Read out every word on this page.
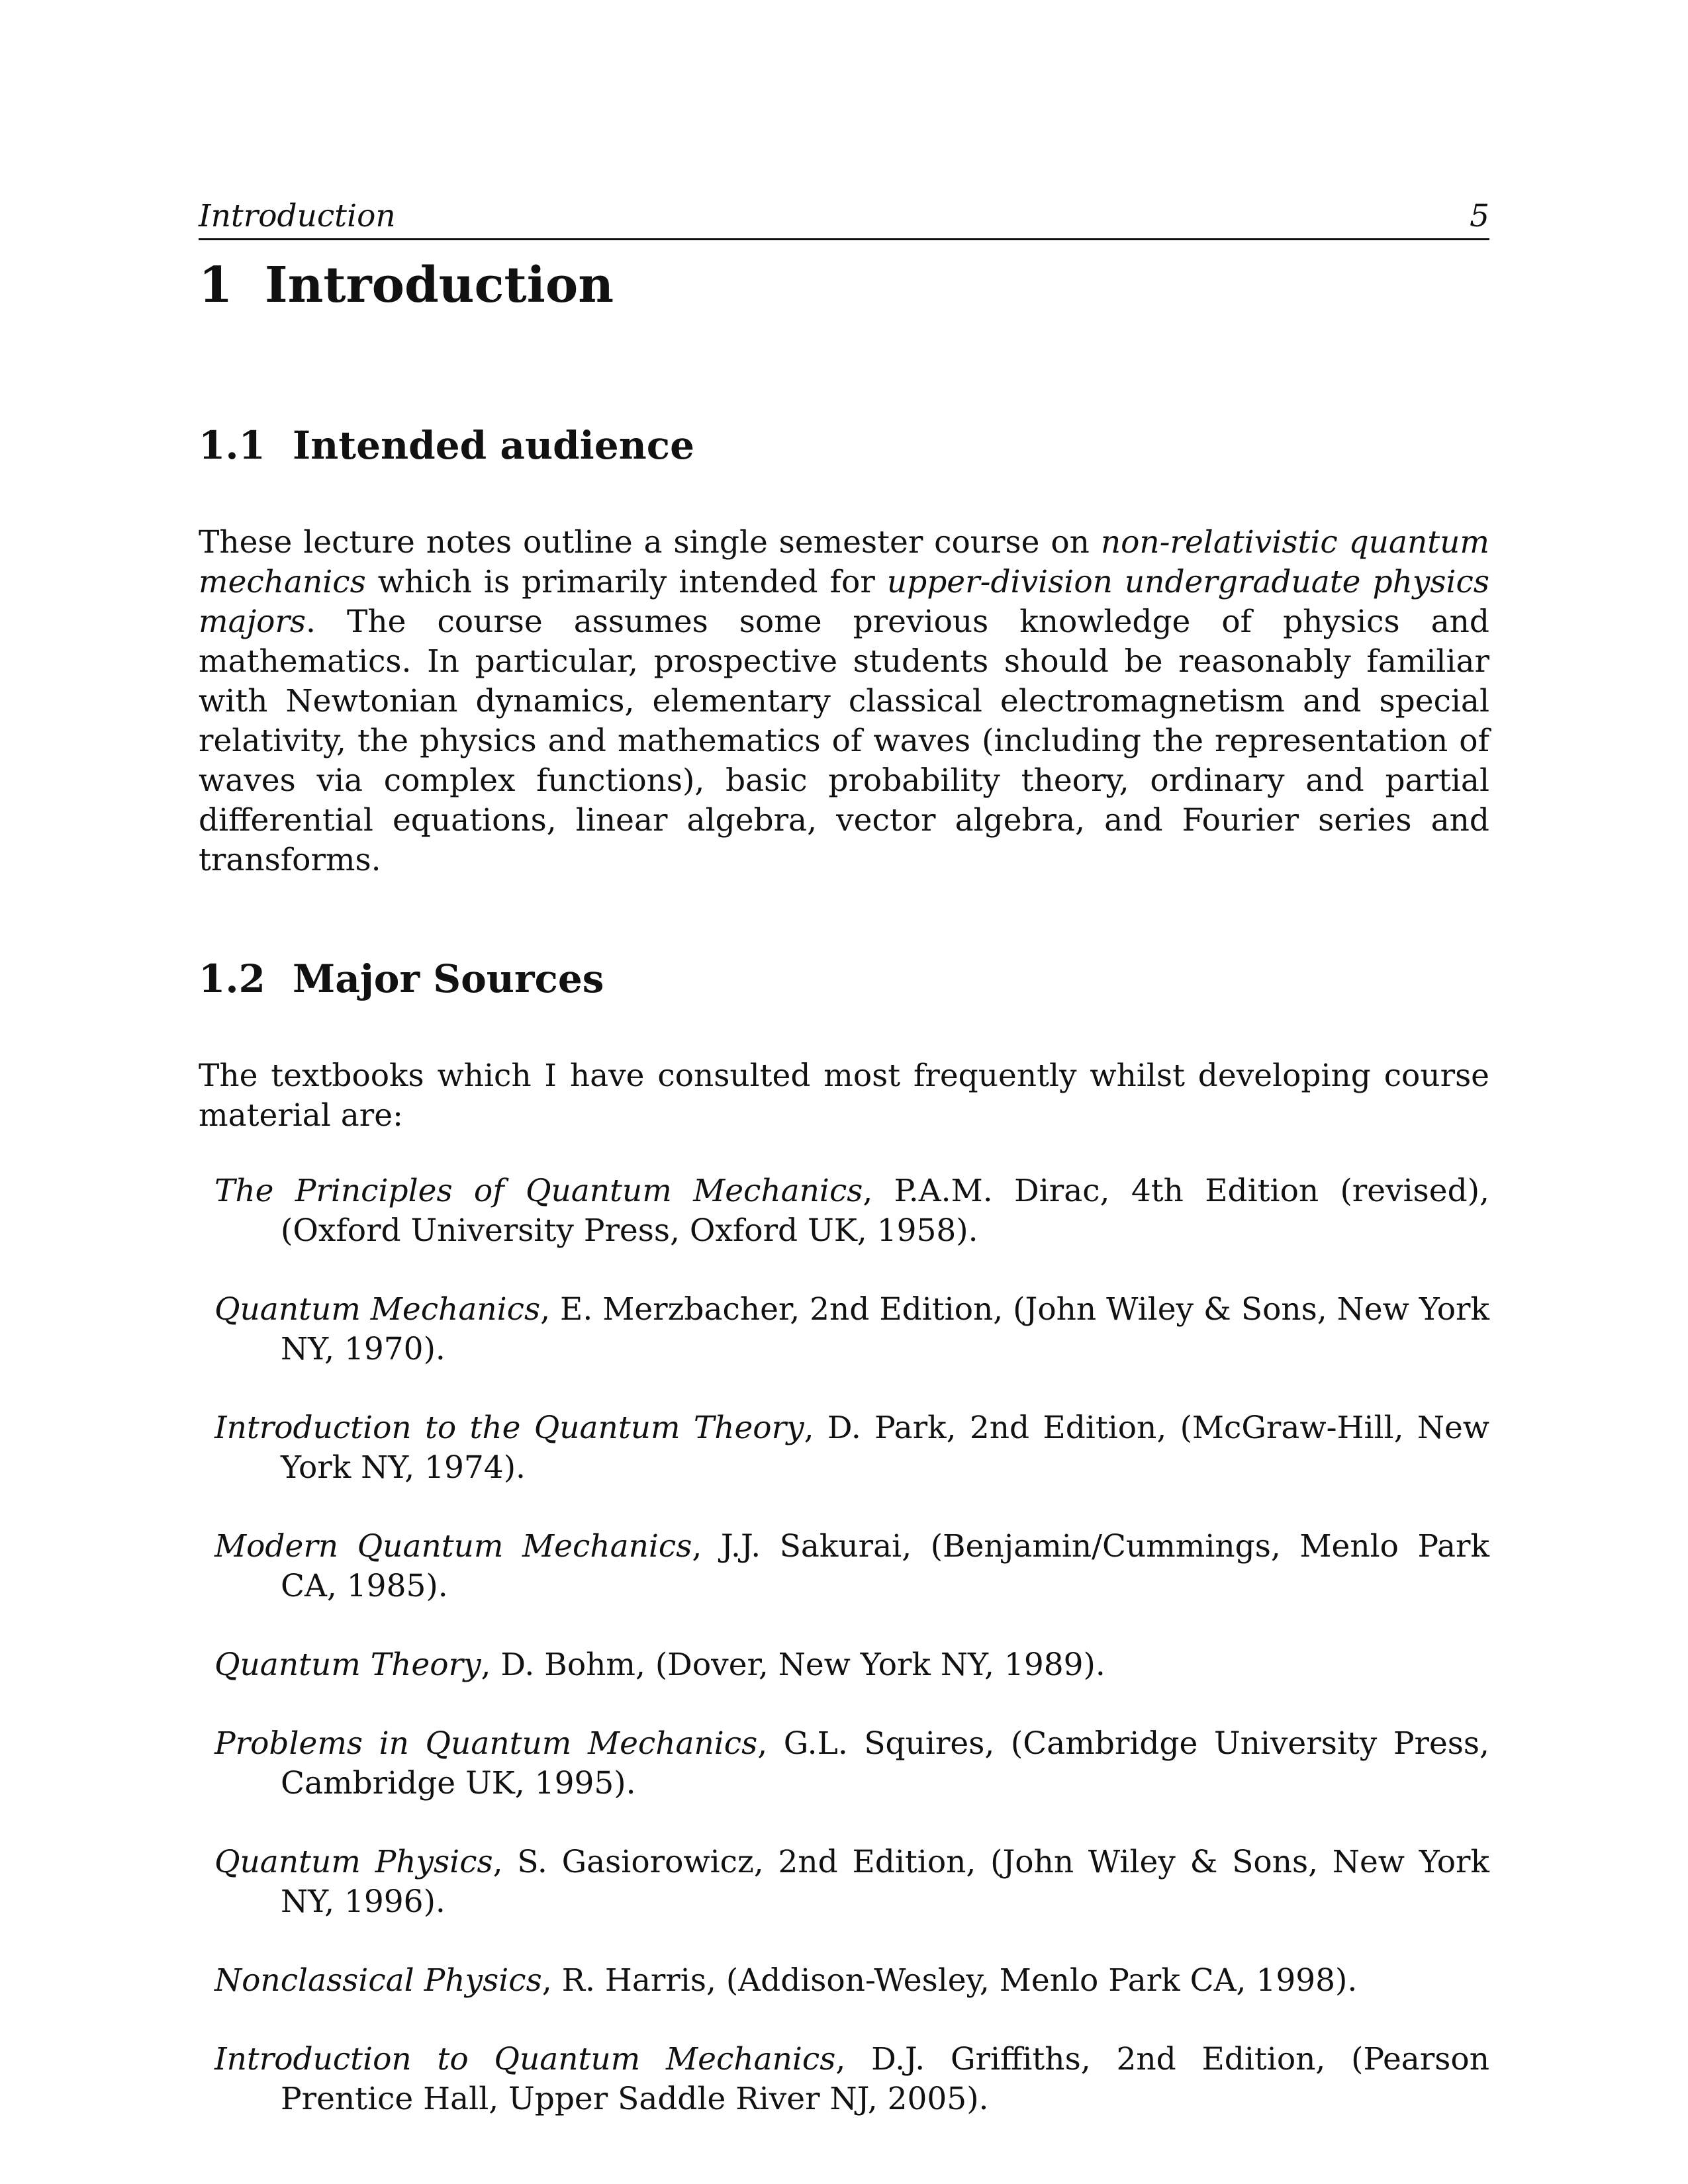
Introduction	5
1 Introduction
1.1 Intended audience

These lecture notes outline a single semester course on non-relativistic quantum mechanics which is primarily intended for upper-division undergraduate physics majors. The course assumes some previous knowledge of physics and mathematics. In particular, prospective students should be reasonably familiar with Newtonian dynamics, elementary classical electromagnetism and special relativity, the physics and mathematics of waves (including the representation of waves via complex functions), basic probability theory, ordinary and partial differential equations, linear algebra, vector algebra, and Fourier series and transforms.

1.2 Major Sources

The textbooks which I have consulted most frequently whilst developing course material are:

The Principles of Quantum Mechanics, P.A.M. Dirac, 4th Edition (revised), (Oxford University Press, Oxford UK, 1958).

Quantum Mechanics, E. Merzbacher, 2nd Edition, (John Wiley & Sons, New York NY, 1970).

Introduction to the Quantum Theory, D. Park, 2nd Edition, (McGraw-Hill, New York NY, 1974).

Modern Quantum Mechanics, J.J. Sakurai, (Benjamin/Cummings, Menlo Park CA, 1985).

Quantum Theory, D. Bohm, (Dover, New York NY, 1989).

Problems in Quantum Mechanics, G.L. Squires, (Cambridge University Press, Cambridge UK, 1995).

Quantum Physics, S. Gasiorowicz, 2nd Edition, (John Wiley & Sons, New York NY, 1996).

Nonclassical Physics, R. Harris, (Addison-Wesley, Menlo Park CA, 1998).

Introduction to Quantum Mechanics, D.J. Griffiths, 2nd Edition, (Pearson Prentice Hall, Upper Saddle River NJ, 2005).
